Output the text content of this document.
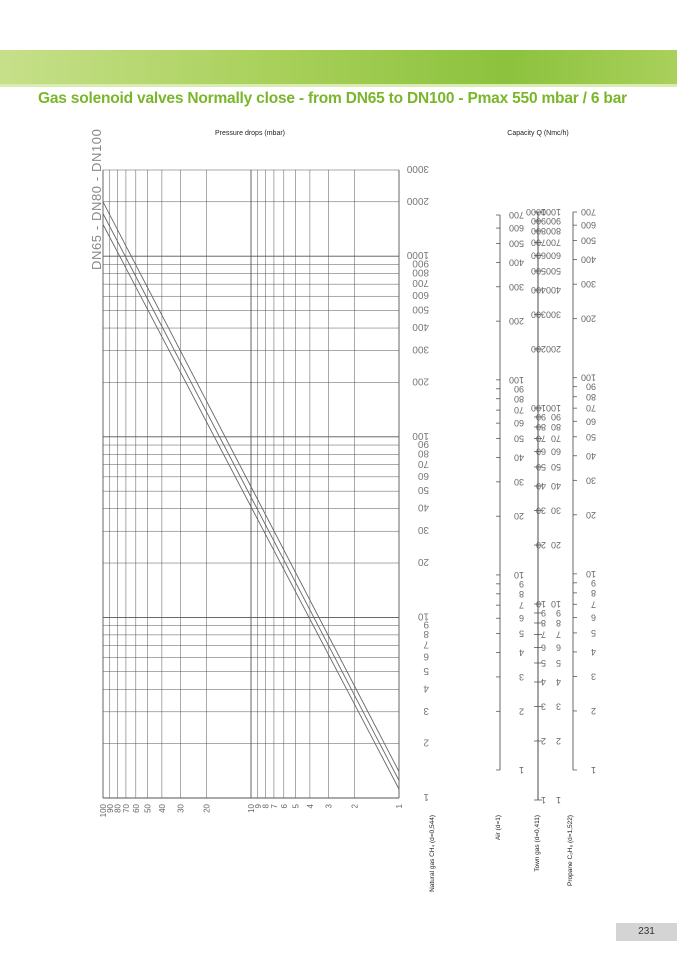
Gas solenoid valves Normally close - from DN65 to DN100 - Pmax 550 mbar / 6 bar
Pressure drops (mbar)	Capacity Q (Nmc/h)
100
90
80 70 60 50 40 30 20	10
9
8 7 6 5 4 3 2	1
3000
2000
1000
900
800
700
600
500
400
300
200
100
90
80
70
60
50
40
30
20
10
9
8
7
6
5
4
3
2
1
DN65 - DN80 - DN100	1000
900
800
700
600
500
400
300
200
100
90
80
70
60
50
40
30
20
10
9
8
7
6
5
4
3
2
1
Natural gas CH₄ (d=0,544)
700
600
500
400
300
200
100
90
80
70
60
50
40
30
20
10
9
8
7
6
5
4
3
2
1
Air (d=1)
1000
900
800
700
600
500
400
300
200
100
90
80
70
60
50
40
30
20
10
9
8
7
6
5
4
3
2
1
Town gas (d=0,411)
700
600
500
400
300
200
100
90
80
70
60
50
40
30
20
10
9
8
7
6
5
4
3
2
1
Propane C₃H₈ (d=1,522)
231
